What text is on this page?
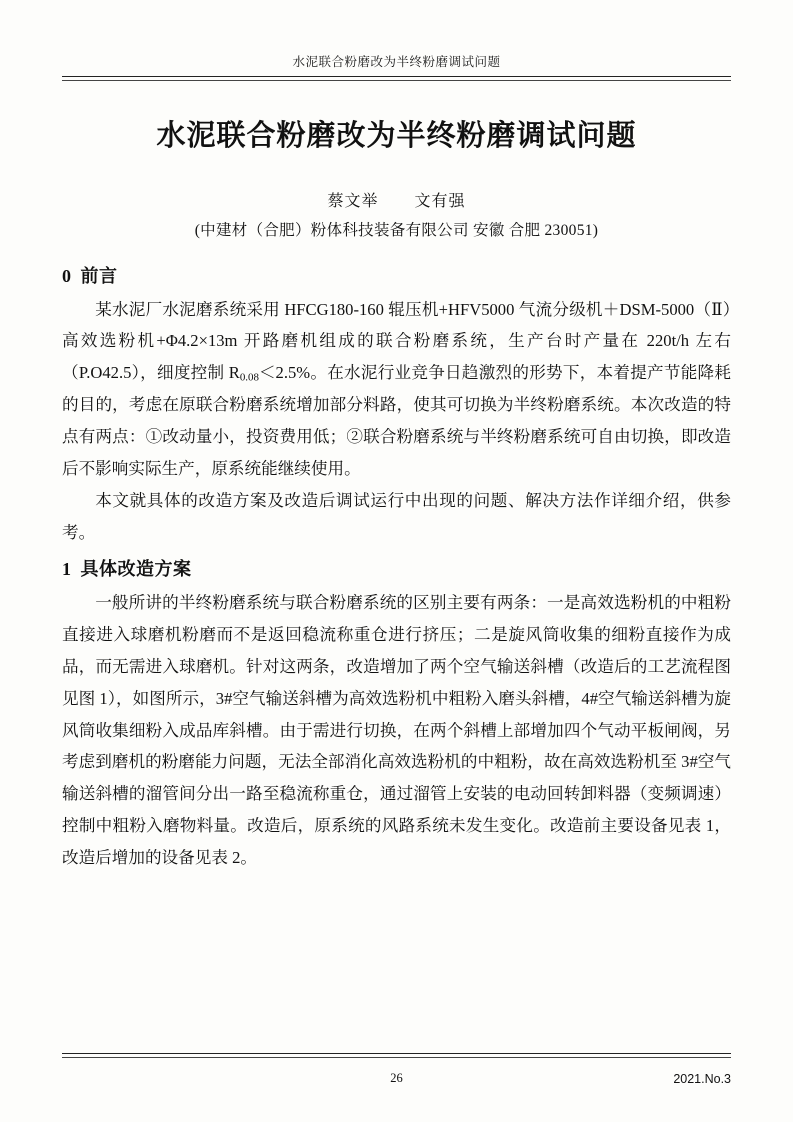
水泥联合粉磨改为半终粉磨调试问题
水泥联合粉磨改为半终粉磨调试问题
蔡文举 文有强
(中建材（合肥）粉体科技装备有限公司 安徽 合肥 230051)
0 前言

某水泥厂水泥磨系统采用 HFCG180-160 辊压机+HFV5000 气流分级机＋DSM-5000（Ⅱ）高效选粉机+Φ4.2×13m 开路磨机组成的联合粉磨系统，生产台时产量在 220t/h 左右（P.O42.5），细度控制 $R_{0.08}<2.5\%$。在水泥行业竞争日趋激烈的形势下，本着提产节能降耗的目的，考虑在原联合粉磨系统增加部分料路，使其可切换为半终粉磨系统。本次改造的特点有两点：①改动量小，投资费用低；②联合粉磨系统与半终粉磨系统可自由切换，即改造后不影响实际生产，原系统能继续使用。

本文就具体的改造方案及改造后调试运行中出现的问题、解决方法作详细介绍，供参考。

1 具体改造方案

一般所讲的半终粉磨系统与联合粉磨系统的区别主要有两条：一是高效选粉机的中粗粉直接进入球磨机粉磨而不是返回稳流称重仓进行挤压；二是旋风筒收集的细粉直接作为成品，而无需进入球磨机。针对这两条，改造增加了两个空气输送斜槽（改造后的工艺流程图见图 1），如图所示，3#空气输送斜槽为高效选粉机中粗粉入磨头斜槽，4#空气输送斜槽为旋风筒收集细粉入成品库斜槽。由于需进行切换，在两个斜槽上部增加四个气动平板闸阀，另考虑到磨机的粉磨能力问题，无法全部消化高效选粉机的中粗粉，故在高效选粉机至 3#空气输送斜槽的溜管间分出一路至稳流称重仓，通过溜管上安装的电动回转卸料器（变频调速）控制中粗粉入磨物料量。改造后，原系统的风路系统未发生变化。改造前主要设备见表 1，改造后增加的设备见表 2。

26	2021.No.3
